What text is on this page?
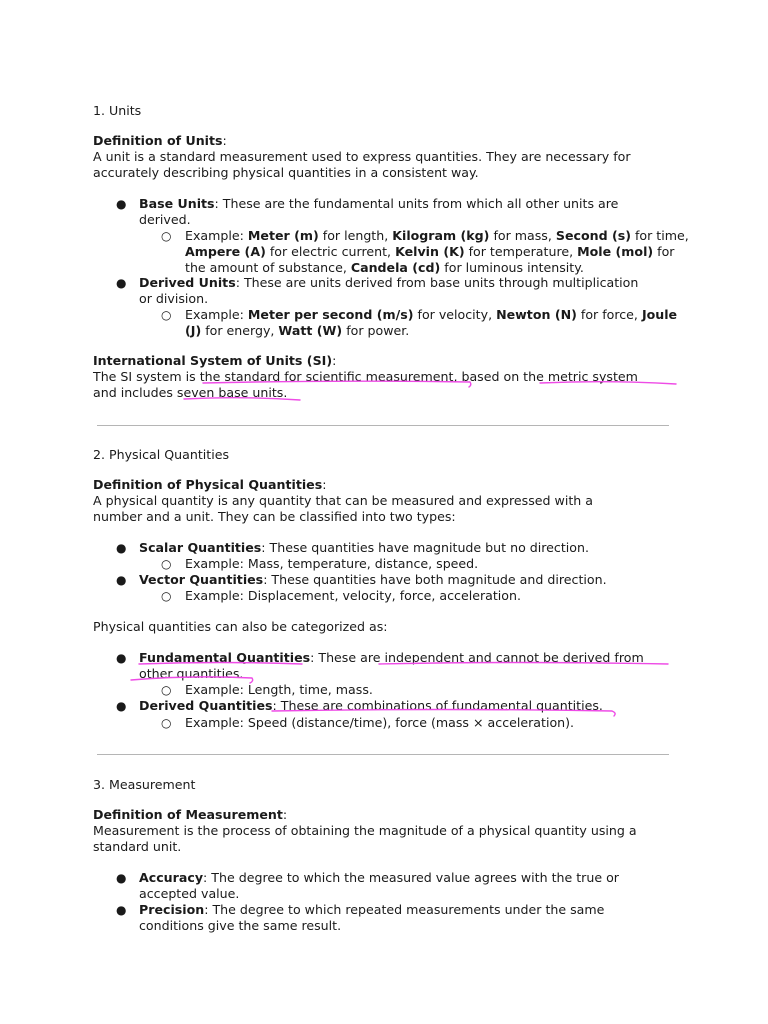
1. Units

Definition of Units:

A unit is a standard measurement used to express quantities. They are necessary for

accurately describing physical quantities in a consistent way.

● Base Units: These are the fundamental units from which all other units are

derived.

○ Example: Meter (m) for length, Kilogram (kg) for mass, Second (s) for time,

Ampere (A) for electric current, Kelvin (K) for temperature, Mole (mol) for

the amount of substance, Candela (cd) for luminous intensity.

● Derived Units: These are units derived from base units through multiplication

or division.

○ Example: Meter per second (m/s) for velocity, Newton (N) for force, Joule

(J) for energy, Watt (W) for power.

International System of Units (SI):

The SI system is the standard for scientific measurement, based on the metric system

and includes seven base units.

2. Physical Quantities

Definition of Physical Quantities:

A physical quantity is any quantity that can be measured and expressed with a

number and a unit. They can be classified into two types:

● Scalar Quantities: These quantities have magnitude but no direction.

○ Example: Mass, temperature, distance, speed.

● Vector Quantities: These quantities have both magnitude and direction.

○ Example: Displacement, velocity, force, acceleration.

Physical quantities can also be categorized as:

● Fundamental Quantities: These are independent and cannot be derived from

other quantities.

○ Example: Length, time, mass.

● Derived Quantities: These are combinations of fundamental quantities.

○ Example: Speed (distance/time), force (mass × acceleration).

3. Measurement

Definition of Measurement:

Measurement is the process of obtaining the magnitude of a physical quantity using a

standard unit.

● Accuracy: The degree to which the measured value agrees with the true or

accepted value.

● Precision: The degree to which repeated measurements under the same

conditions give the same result.
